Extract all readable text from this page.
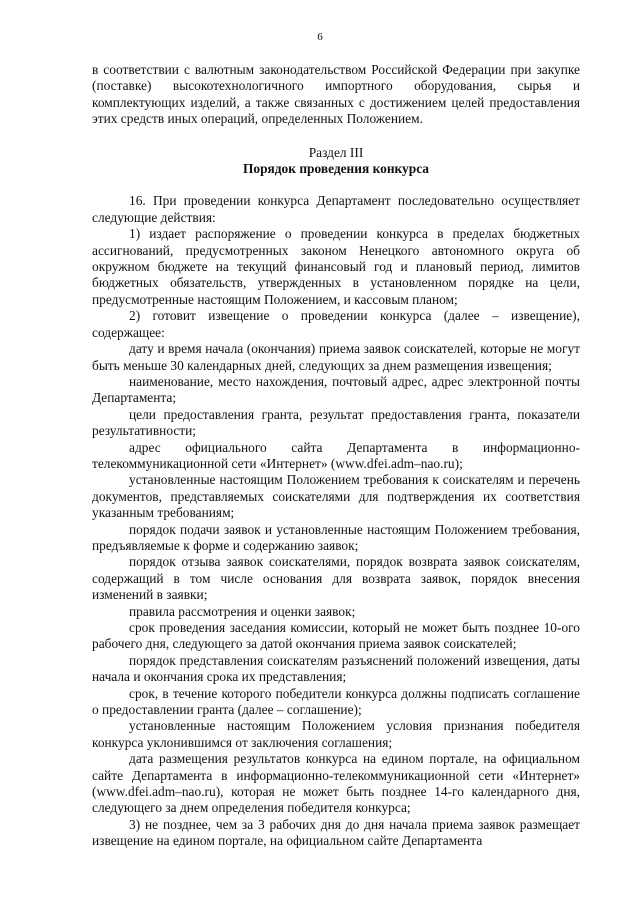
6

в соответствии с валютным законодательством Российской Федерации при закупке (поставке) высокотехнологичного импортного оборудования, сырья и комплектующих изделий, а также связанных с достижением целей предоставления этих средств иных операций, определенных Положением.

Раздел III

Порядок проведения конкурса

16. При проведении конкурса Департамент последовательно осуществляет следующие действия:

1) издает распоряжение о проведении конкурса в пределах бюджетных ассигнований, предусмотренных законом Ненецкого автономного округа об окружном бюджете на текущий финансовый год и плановый период, лимитов бюджетных обязательств, утвержденных в установленном порядке на цели, предусмотренные настоящим Положением, и кассовым планом;

2) готовит извещение о проведении конкурса (далее – извещение), содержащее:

дату и время начала (окончания) приема заявок соискателей, которые не могут быть меньше 30 календарных дней, следующих за днем размещения извещения;

наименование, место нахождения, почтовый адрес, адрес электронной почты Департамента;

цели предоставления гранта, результат предоставления гранта, показатели результативности;

адрес официального сайта Департамента в информационно-телекоммуникационной сети «Интернет» (www.dfei.adm–nao.ru);

установленные настоящим Положением требования к соискателям и перечень документов, представляемых соискателями для подтверждения их соответствия указанным требованиям;

порядок подачи заявок и установленные настоящим Положением требования, предъявляемые к форме и содержанию заявок;

порядок отзыва заявок соискателями, порядок возврата заявок соискателям, содержащий в том числе основания для возврата заявок, порядок внесения изменений в заявки;

правила рассмотрения и оценки заявок;

срок проведения заседания комиссии, который не может быть позднее 10-ого рабочего дня, следующего за датой окончания приема заявок соискателей;

порядок представления соискателям разъяснений положений извещения, даты начала и окончания срока их представления;

срок, в течение которого победители конкурса должны подписать соглашение о предоставлении гранта (далее – соглашение);

установленные настоящим Положением условия признания победителя конкурса уклонившимся от заключения соглашения;

дата размещения результатов конкурса на едином портале, на официальном сайте Департамента в информационно-телекоммуникационной сети «Интернет» (www.dfei.adm–nao.ru), которая не может быть позднее 14-го календарного дня, следующего за днем определения победителя конкурса;

3) не позднее, чем за 3 рабочих дня до дня начала приема заявок размещает извещение на едином портале, на официальном сайте Департамента
